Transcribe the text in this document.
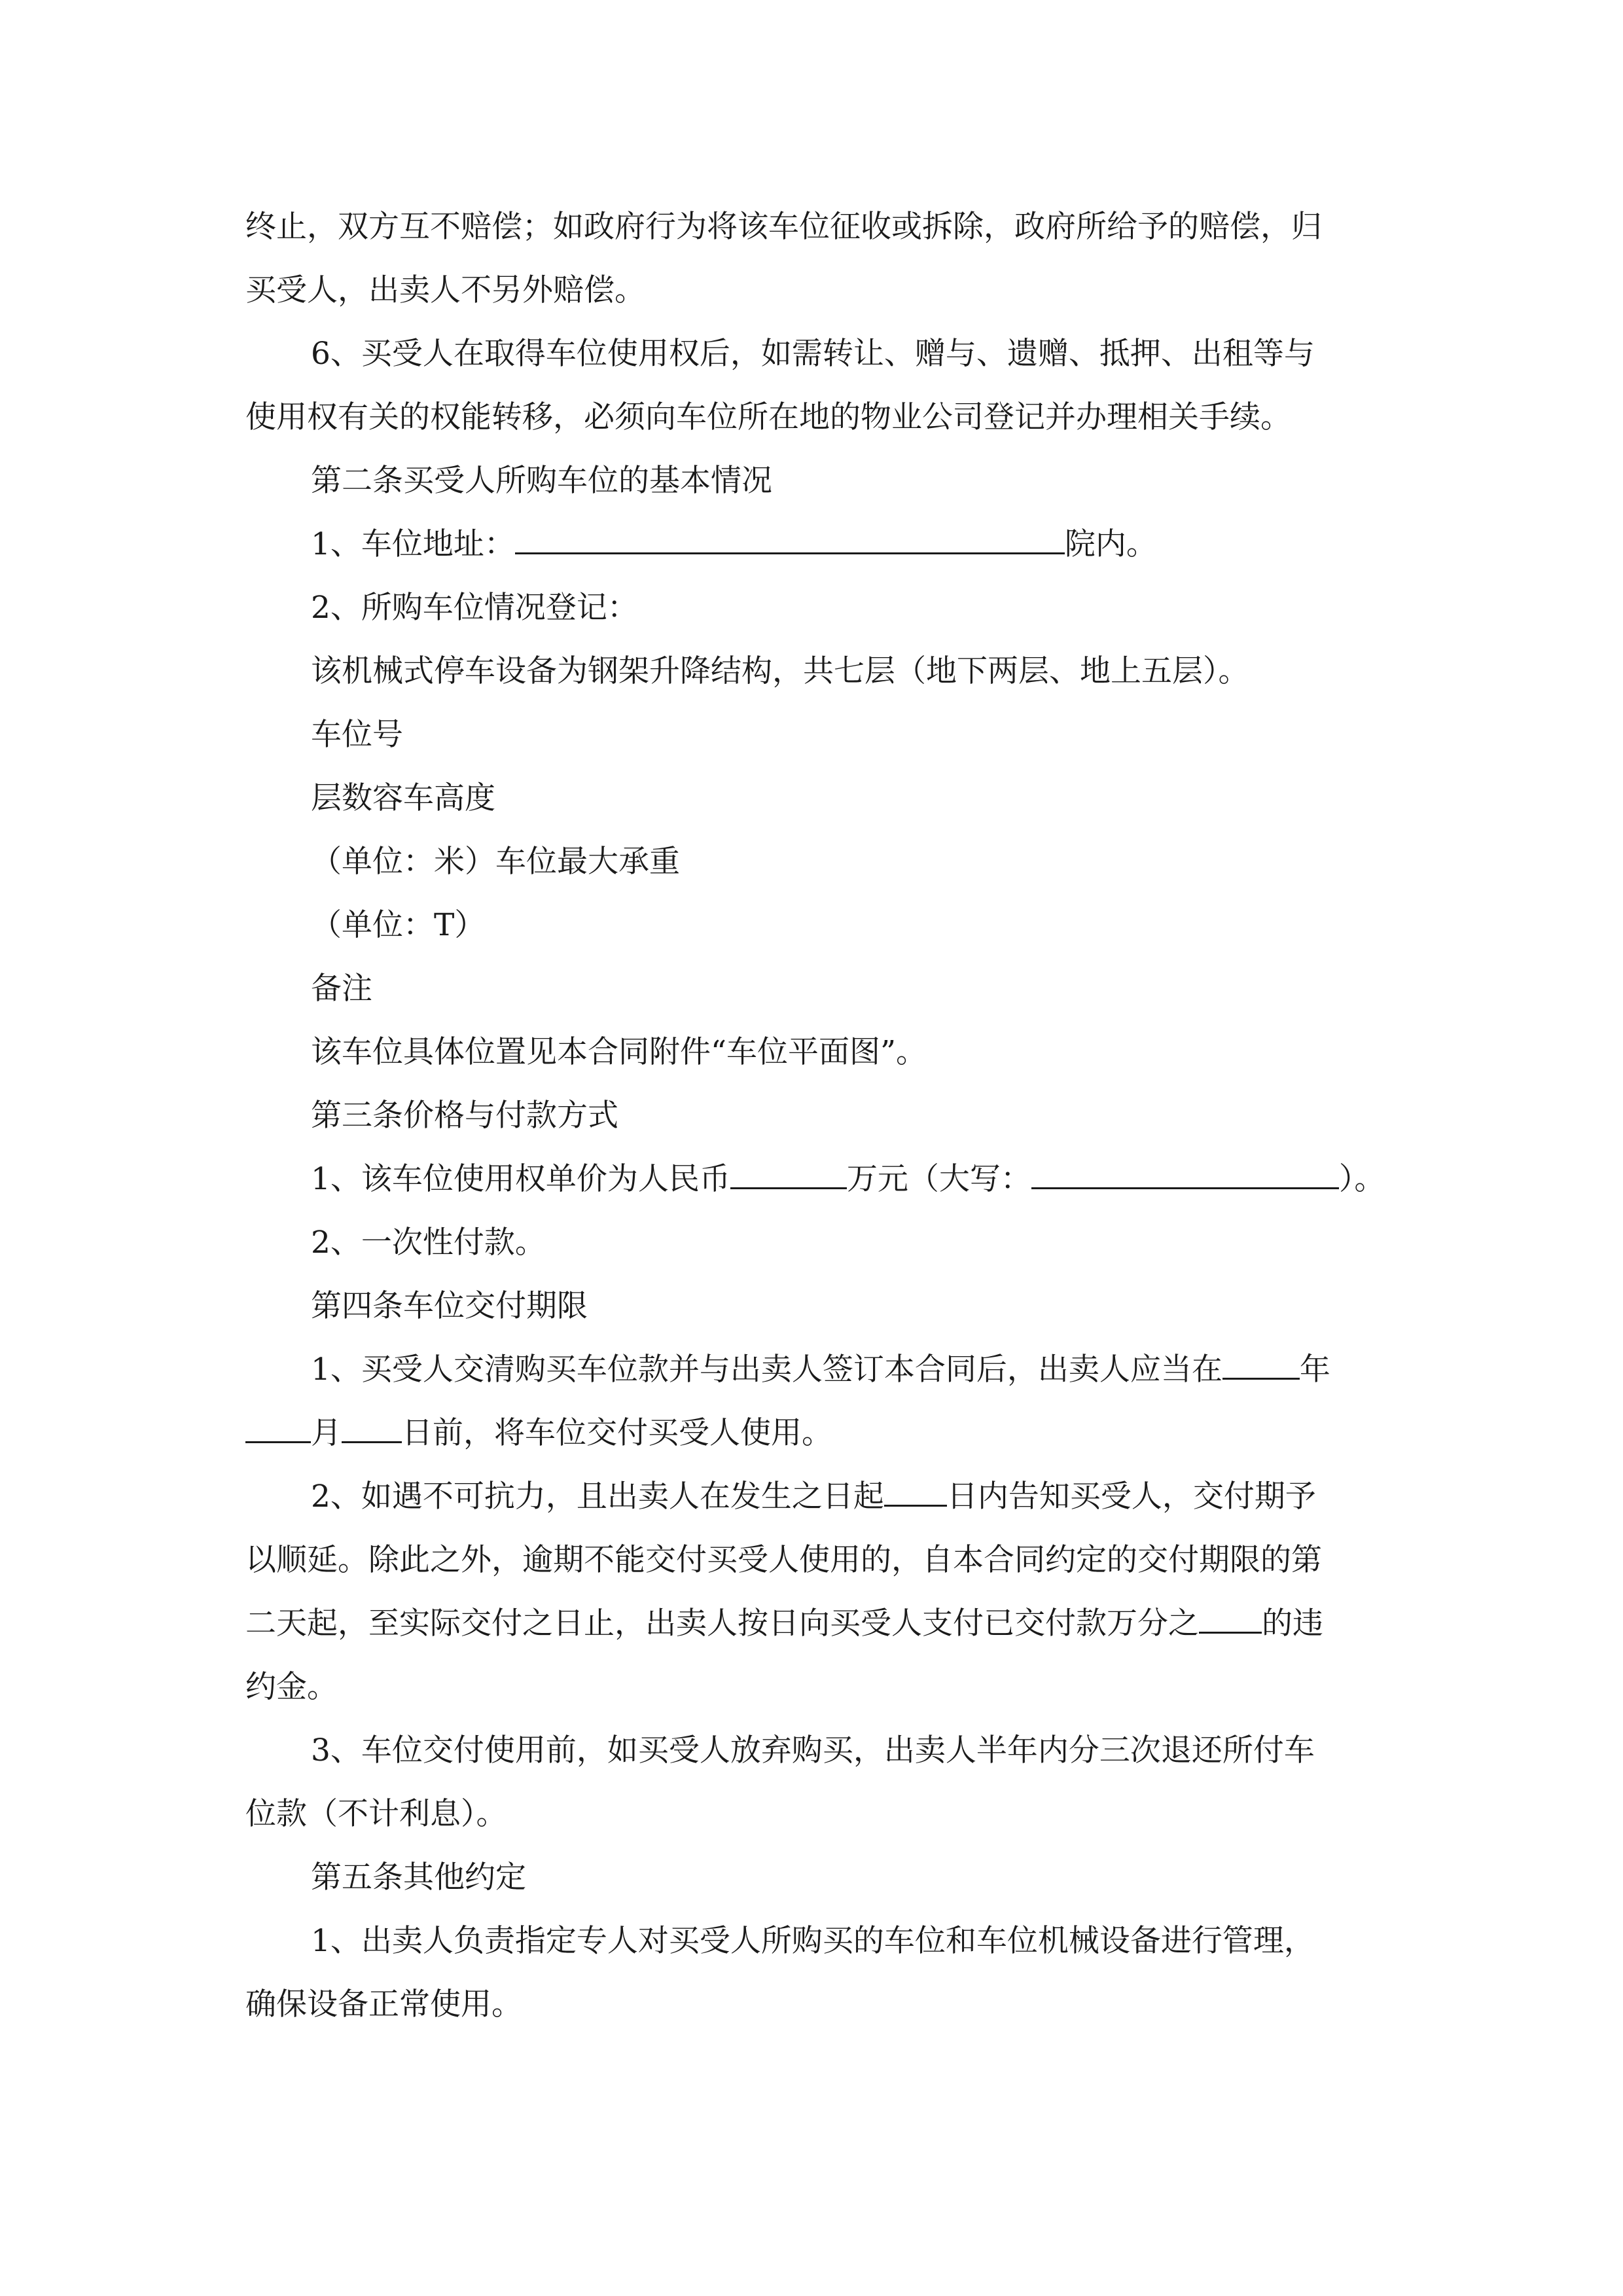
终止，双方互不赔偿；如政府行为将该车位征收或拆除，政府所给予的赔偿，归

买受人，出卖人不另外赔偿。

6、买受人在取得车位使用权后，如需转让、赠与、遗赠、抵押、出租等与

使用权有关的权能转移，必须向车位所在地的物业公司登记并办理相关手续。

第二条买受人所购车位的基本情况

1、车位地址：	院内。

2、所购车位情况登记：

该机械式停车设备为钢架升降结构，共七层（地下两层、地上五层）。

车位号

层数容车高度

（单位：米）车位最大承重

（单位：T）

备注

该车位具体位置见本合同附件“车位平面图”。

第三条价格与付款方式

1、该车位使用权单价为人民币	万元（大写：	）。

2、一次性付款。

第四条车位交付期限

1、买受人交清购买车位款并与出卖人签订本合同后，出卖人应当在	年

月 日前，将车位交付买受人使用。

2、如遇不可抗力，且出卖人在发生之日起 日内告知买受人，交付期予

以顺延。除此之外，逾期不能交付买受人使用的，自本合同约定的交付期限的第

二天起，至实际交付之日止，出卖人按日向买受人支付已交付款万分之 的违

约金。

3、车位交付使用前，如买受人放弃购买，出卖人半年内分三次退还所付车

位款（不计利息）。

第五条其他约定

1、出卖人负责指定专人对买受人所购买的车位和车位机械设备进行管理，

确保设备正常使用。
